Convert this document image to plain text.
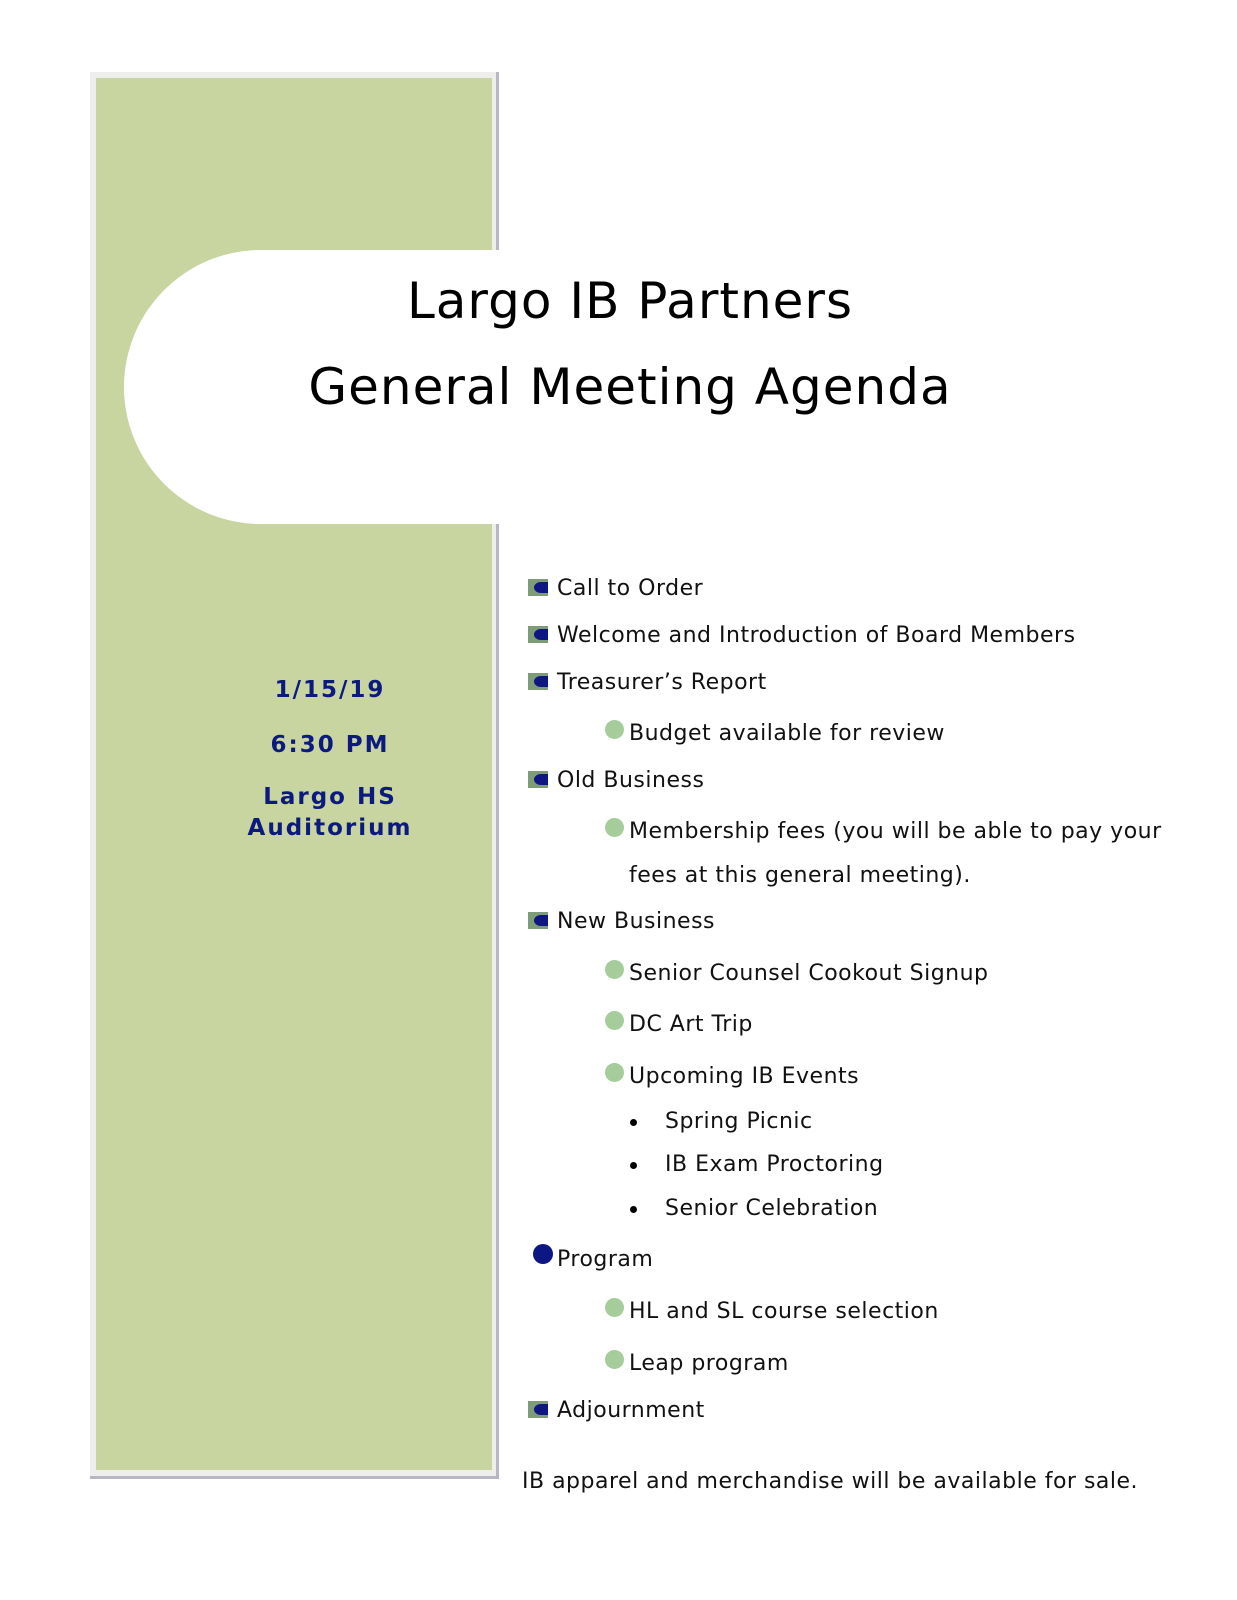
Largo IB Partners
General Meeting Agenda
1/15/19
6:30 PM
Largo HS
Auditorium
Call to Order
Welcome and Introduction of Board Members
Treasurer’s Report
Budget available for review
Old Business
Membership fees (you will be able to pay your
fees at this general meeting).
New Business
Senior Counsel Cookout Signup
DC Art Trip
Upcoming IB Events
Spring Picnic
IB Exam Proctoring
Senior Celebration
Program
HL and SL course selection
Leap program
Adjournment

IB apparel and merchandise will be available for sale.
